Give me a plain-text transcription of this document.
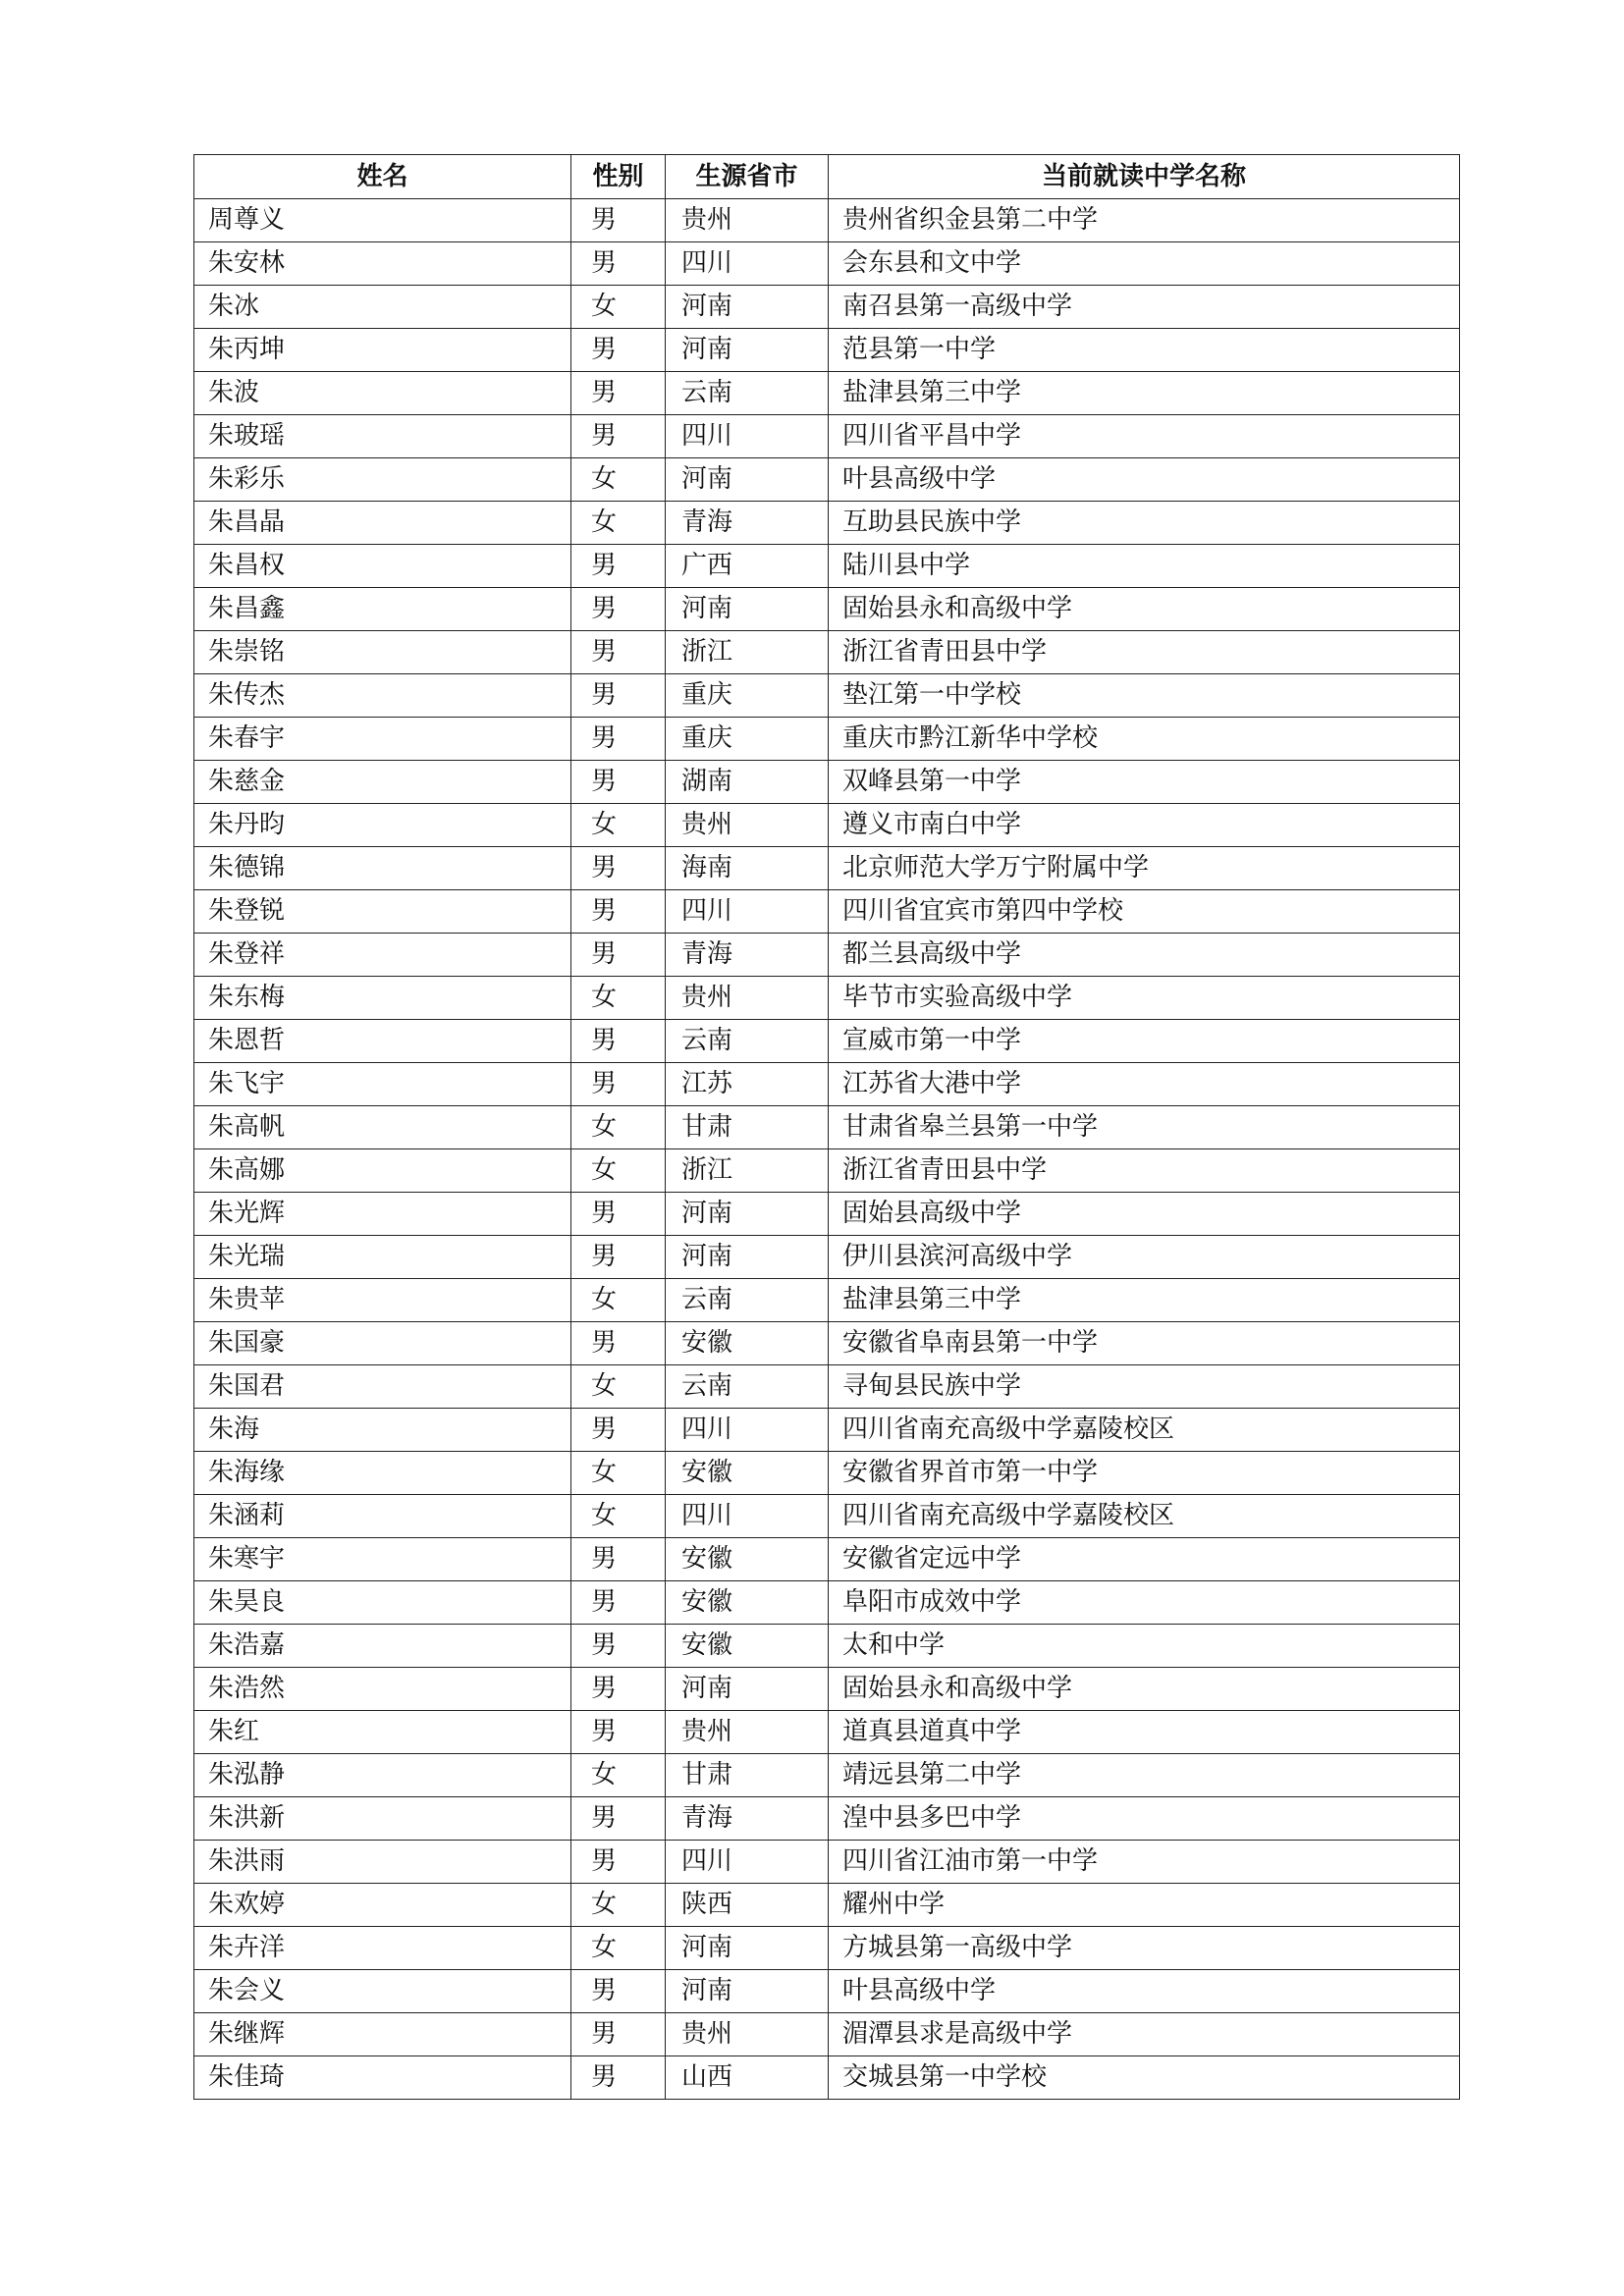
姓名	性别	生源省市	当前就读中学名称
周尊义	男	贵州	贵州省织金县第二中学
朱安林	男	四川	会东县和文中学
朱冰	女	河南	南召县第一高级中学
朱丙坤	男	河南	范县第一中学
朱波	男	云南	盐津县第三中学
朱玻瑶	男	四川	四川省平昌中学
朱彩乐	女	河南	叶县高级中学
朱昌晶	女	青海	互助县民族中学
朱昌权	男	广西	陆川县中学
朱昌鑫	男	河南	固始县永和高级中学
朱崇铭	男	浙江	浙江省青田县中学
朱传杰	男	重庆	垫江第一中学校
朱春宇	男	重庆	重庆市黔江新华中学校
朱慈金	男	湖南	双峰县第一中学
朱丹昀	女	贵州	遵义市南白中学
朱德锦	男	海南	北京师范大学万宁附属中学
朱登锐	男	四川	四川省宜宾市第四中学校
朱登祥	男	青海	都兰县高级中学
朱东梅	女	贵州	毕节市实验高级中学
朱恩哲	男	云南	宣威市第一中学
朱飞宇	男	江苏	江苏省大港中学
朱高帆	女	甘肃	甘肃省皋兰县第一中学
朱高娜	女	浙江	浙江省青田县中学
朱光辉	男	河南	固始县高级中学
朱光瑞	男	河南	伊川县滨河高级中学
朱贵苹	女	云南	盐津县第三中学
朱国豪	男	安徽	安徽省阜南县第一中学
朱国君	女	云南	寻甸县民族中学
朱海	男	四川	四川省南充高级中学嘉陵校区
朱海缘	女	安徽	安徽省界首市第一中学
朱涵莉	女	四川	四川省南充高级中学嘉陵校区
朱寒宇	男	安徽	安徽省定远中学
朱昊良	男	安徽	阜阳市成效中学
朱浩嘉	男	安徽	太和中学
朱浩然	男	河南	固始县永和高级中学
朱红	男	贵州	道真县道真中学
朱泓静	女	甘肃	靖远县第二中学
朱洪新	男	青海	湟中县多巴中学
朱洪雨	男	四川	四川省江油市第一中学
朱欢婷	女	陕西	耀州中学
朱卉洋	女	河南	方城县第一高级中学
朱会义	男	河南	叶县高级中学
朱继辉	男	贵州	湄潭县求是高级中学
朱佳琦	男	山西	交城县第一中学校
